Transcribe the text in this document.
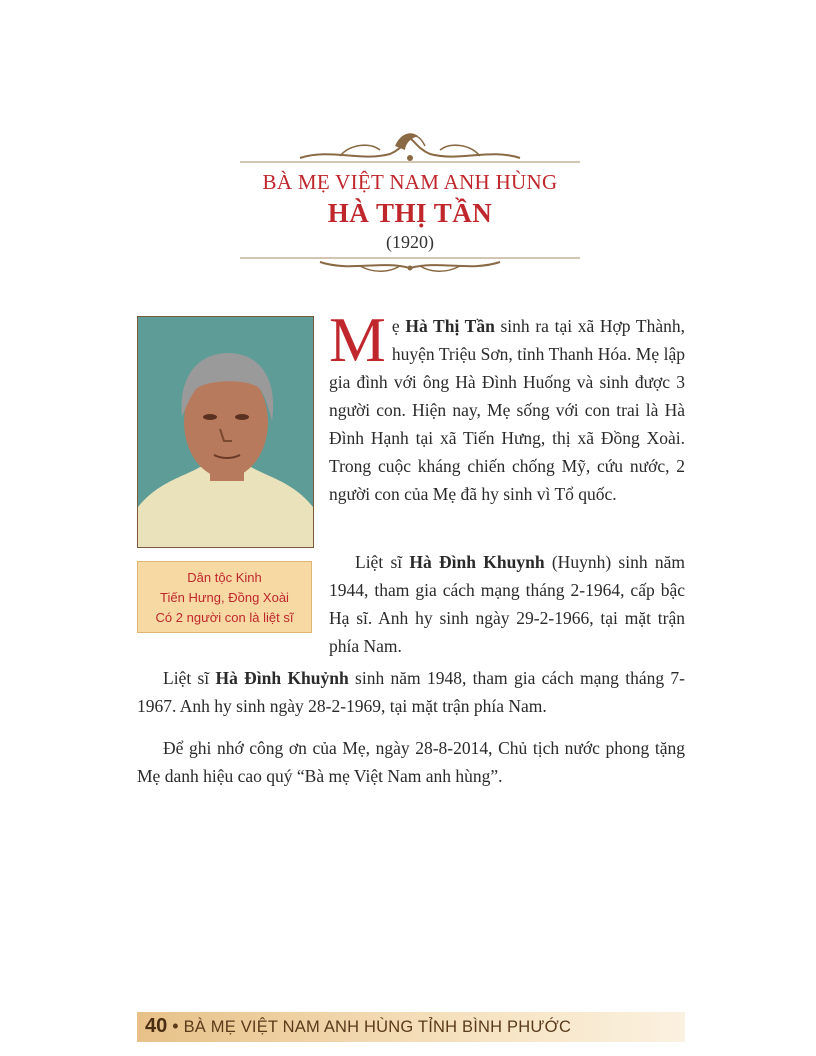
BÀ MẸ VIỆT NAM ANH HÙNG
HÀ THỊ TẦN
(1920)
Dân tộc Kinh
Tiến Hưng, Đồng Xoài
Có 2 người con là liệt sĩ
Mẹ Hà Thị Tần sinh ra tại xã Hợp Thành, huyện Triệu Sơn, tỉnh Thanh Hóa. Mẹ lập gia đình với ông Hà Đình Huống và sinh được 3 người con. Hiện nay, Mẹ sống với con trai là Hà Đình Hạnh tại xã Tiến Hưng, thị xã Đồng Xoài. Trong cuộc kháng chiến chống Mỹ, cứu nước, 2 người con của Mẹ đã hy sinh vì Tổ quốc.
Liệt sĩ Hà Đình Khuynh (Huynh) sinh năm 1944, tham gia cách mạng tháng 2-1964, cấp bậc Hạ sĩ. Anh hy sinh ngày 29-2-1966, tại mặt trận phía Nam.
Liệt sĩ Hà Đình Khuỷnh sinh năm 1948, tham gia cách mạng tháng 7-1967. Anh hy sinh ngày 28-2-1969, tại mặt trận phía Nam.
Để ghi nhớ công ơn của Mẹ, ngày 28-8-2014, Chủ tịch nước phong tặng Mẹ danh hiệu cao quý “Bà mẹ Việt Nam anh hùng”.
40 • BÀ MẸ VIỆT NAM ANH HÙNG TỈNH BÌNH PHƯỚC
